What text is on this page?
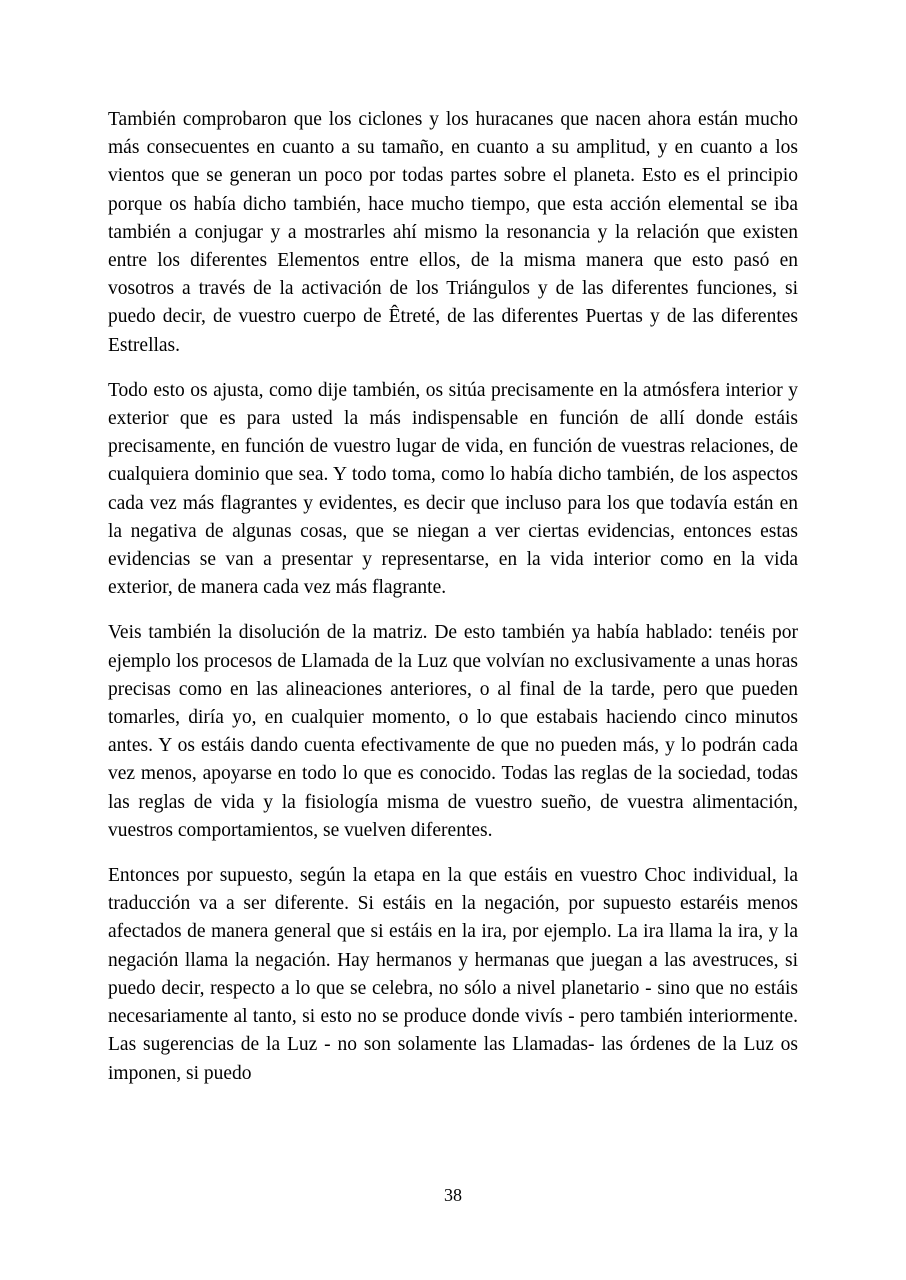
También comprobaron que los ciclones y los huracanes que nacen ahora están mucho más consecuentes en cuanto a su tamaño, en cuanto a su amplitud, y en cuanto a los vientos que se generan un poco por todas partes sobre el planeta. Esto es el principio porque os había dicho también, hace mucho tiempo, que esta acción elemental se iba también a conjugar y a mostrarles ahí mismo la resonancia y la relación que existen entre los diferentes Elementos entre ellos, de la misma manera que esto pasó en vosotros a través de la activación de los Triángulos y de las diferentes funciones, si puedo decir, de vuestro cuerpo de Êtreté, de las diferentes Puertas y de las diferentes Estrellas.

Todo esto os ajusta, como dije también, os sitúa precisamente en la atmósfera interior y exterior que es para usted la más indispensable en función de allí donde estáis precisamente, en función de vuestro lugar de vida, en función de vuestras relaciones, de cualquiera dominio que sea. Y todo toma, como lo había dicho también, de los aspectos cada vez más flagrantes y evidentes, es decir que incluso para los que todavía están en la negativa de algunas cosas, que se niegan a ver ciertas evidencias, entonces estas evidencias se van a presentar y representarse, en la vida interior como en la vida exterior, de manera cada vez más flagrante.

Veis también la disolución de la matriz. De esto también ya había hablado: tenéis por ejemplo los procesos de Llamada de la Luz que volvían no exclusivamente a unas horas precisas como en las alineaciones anteriores, o al final de la tarde, pero que pueden tomarles, diría yo, en cualquier momento, o lo que estabais haciendo cinco minutos antes. Y os estáis dando cuenta efectivamente de que no pueden más, y lo podrán cada vez menos, apoyarse en todo lo que es conocido. Todas las reglas de la sociedad, todas las reglas de vida y la fisiología misma de vuestro sueño, de vuestra alimentación, vuestros comportamientos, se vuelven diferentes.

Entonces por supuesto, según la etapa en la que estáis en vuestro Choc individual, la traducción va a ser diferente. Si estáis en la negación, por supuesto estaréis menos afectados de manera general que si estáis en la ira, por ejemplo. La ira llama la ira, y la negación llama la negación. Hay hermanos y hermanas que juegan a las avestruces, si puedo decir, respecto a lo que se celebra, no sólo a nivel planetario - sino que no estáis necesariamente al tanto, si esto no se produce donde vivís - pero también interiormente. Las sugerencias de la Luz - no son solamente las Llamadas- las órdenes de la Luz os imponen, si puedo

38
